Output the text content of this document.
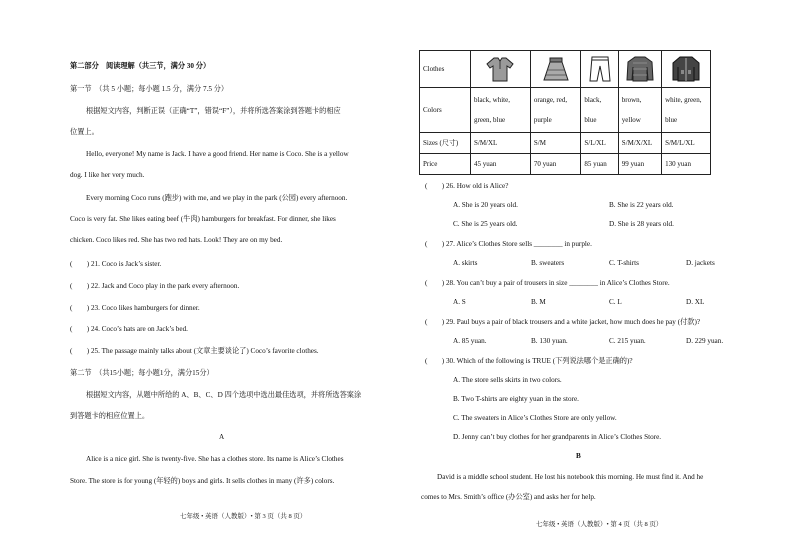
第二部分　阅读理解（共三节，满分 30 分）
第一节　（共 5 小题；每小题 1.5 分，满分 7.5 分）
根据短文内容，判断正误（正确“T”，错误“F”），并将所选答案涂到答题卡的相应
位置上。
Hello, everyone! My name is Jack. I have a good friend. Her name is Coco. She is a yellow
dog. I like her very much.
Every morning Coco runs (跑步) with me, and we play in the park (公园) every afternoon.
Coco is very fat. She likes eating beef (牛肉) hamburgers for breakfast. For dinner, she likes
chicken. Coco likes red. She has two red hats. Look! They are on my bed.
(　　) 21. Coco is Jack’s sister.
(　　) 22. Jack and Coco play in the park every afternoon.
(　　) 23. Coco likes hamburgers for dinner.
(　　) 24. Coco’s hats are on Jack’s bed.
(　　) 25. The passage mainly talks about (文章主要谈论了) Coco’s favorite clothes.
第二节　（共15小题；每小题1分，满分15分）
根据短文内容，从题中所给的 A、B、C、D 四个选项中选出最佳选项，并将所选答案涂
到答题卡的相应位置上。
A
Alice is a nice girl. She is twenty-five. She has a clothes store. Its name is Alice’s Clothes
Store. The store is for young (年轻的) boys and girls. It sells clothes in many (许多) colors.
七年级 • 英语（人教版）• 第 3 页（共 8 页）
Clothes	

Colors	black, white, green, blue	orange, red, purple	black, blue	brown, yellow	white, green, blue
Sizes (尺寸)	S/M/XL	S/M	S/L/XL	S/M/X/XL	S/M/L/XL
Price	45 yuan	70 yuan	85 yuan	99 yuan	130 yuan
(　　) 26. How old is Alice?
A. She is 20 years old.	B. She is 22 years old.
C. She is 25 years old.	D. She is 28 years old.
(　　) 27. Alice’s Clothes Store sells ________ in purple.
A. skirts	B. sweaters	C. T-shirts	D. jackets
(　　) 28. You can’t buy a pair of trousers in size ________ in Alice’s Clothes Store.
A. S	B. M	C. L	D. XL
(　　) 29. Paul buys a pair of black trousers and a white jacket, how much does he pay (付款)?
A. 85 yuan.	B. 130 yuan.	C. 215 yuan.	D. 229 yuan.
(　　) 30. Which of the following is TRUE (下列说法哪个是正确的)?
A. The store sells skirts in two colors.
B. Two T-shirts are eighty yuan in the store.
C. The sweaters in Alice’s Clothes Store are only yellow.
D. Jenny can’t buy clothes for her grandparents in Alice’s Clothes Store.
B
David is a middle school student. He lost his notebook this morning. He must find it. And he
comes to Mrs. Smith’s office (办公室) and asks her for help.
七年级 • 英语（人教版）• 第 4 页（共 8 页）
